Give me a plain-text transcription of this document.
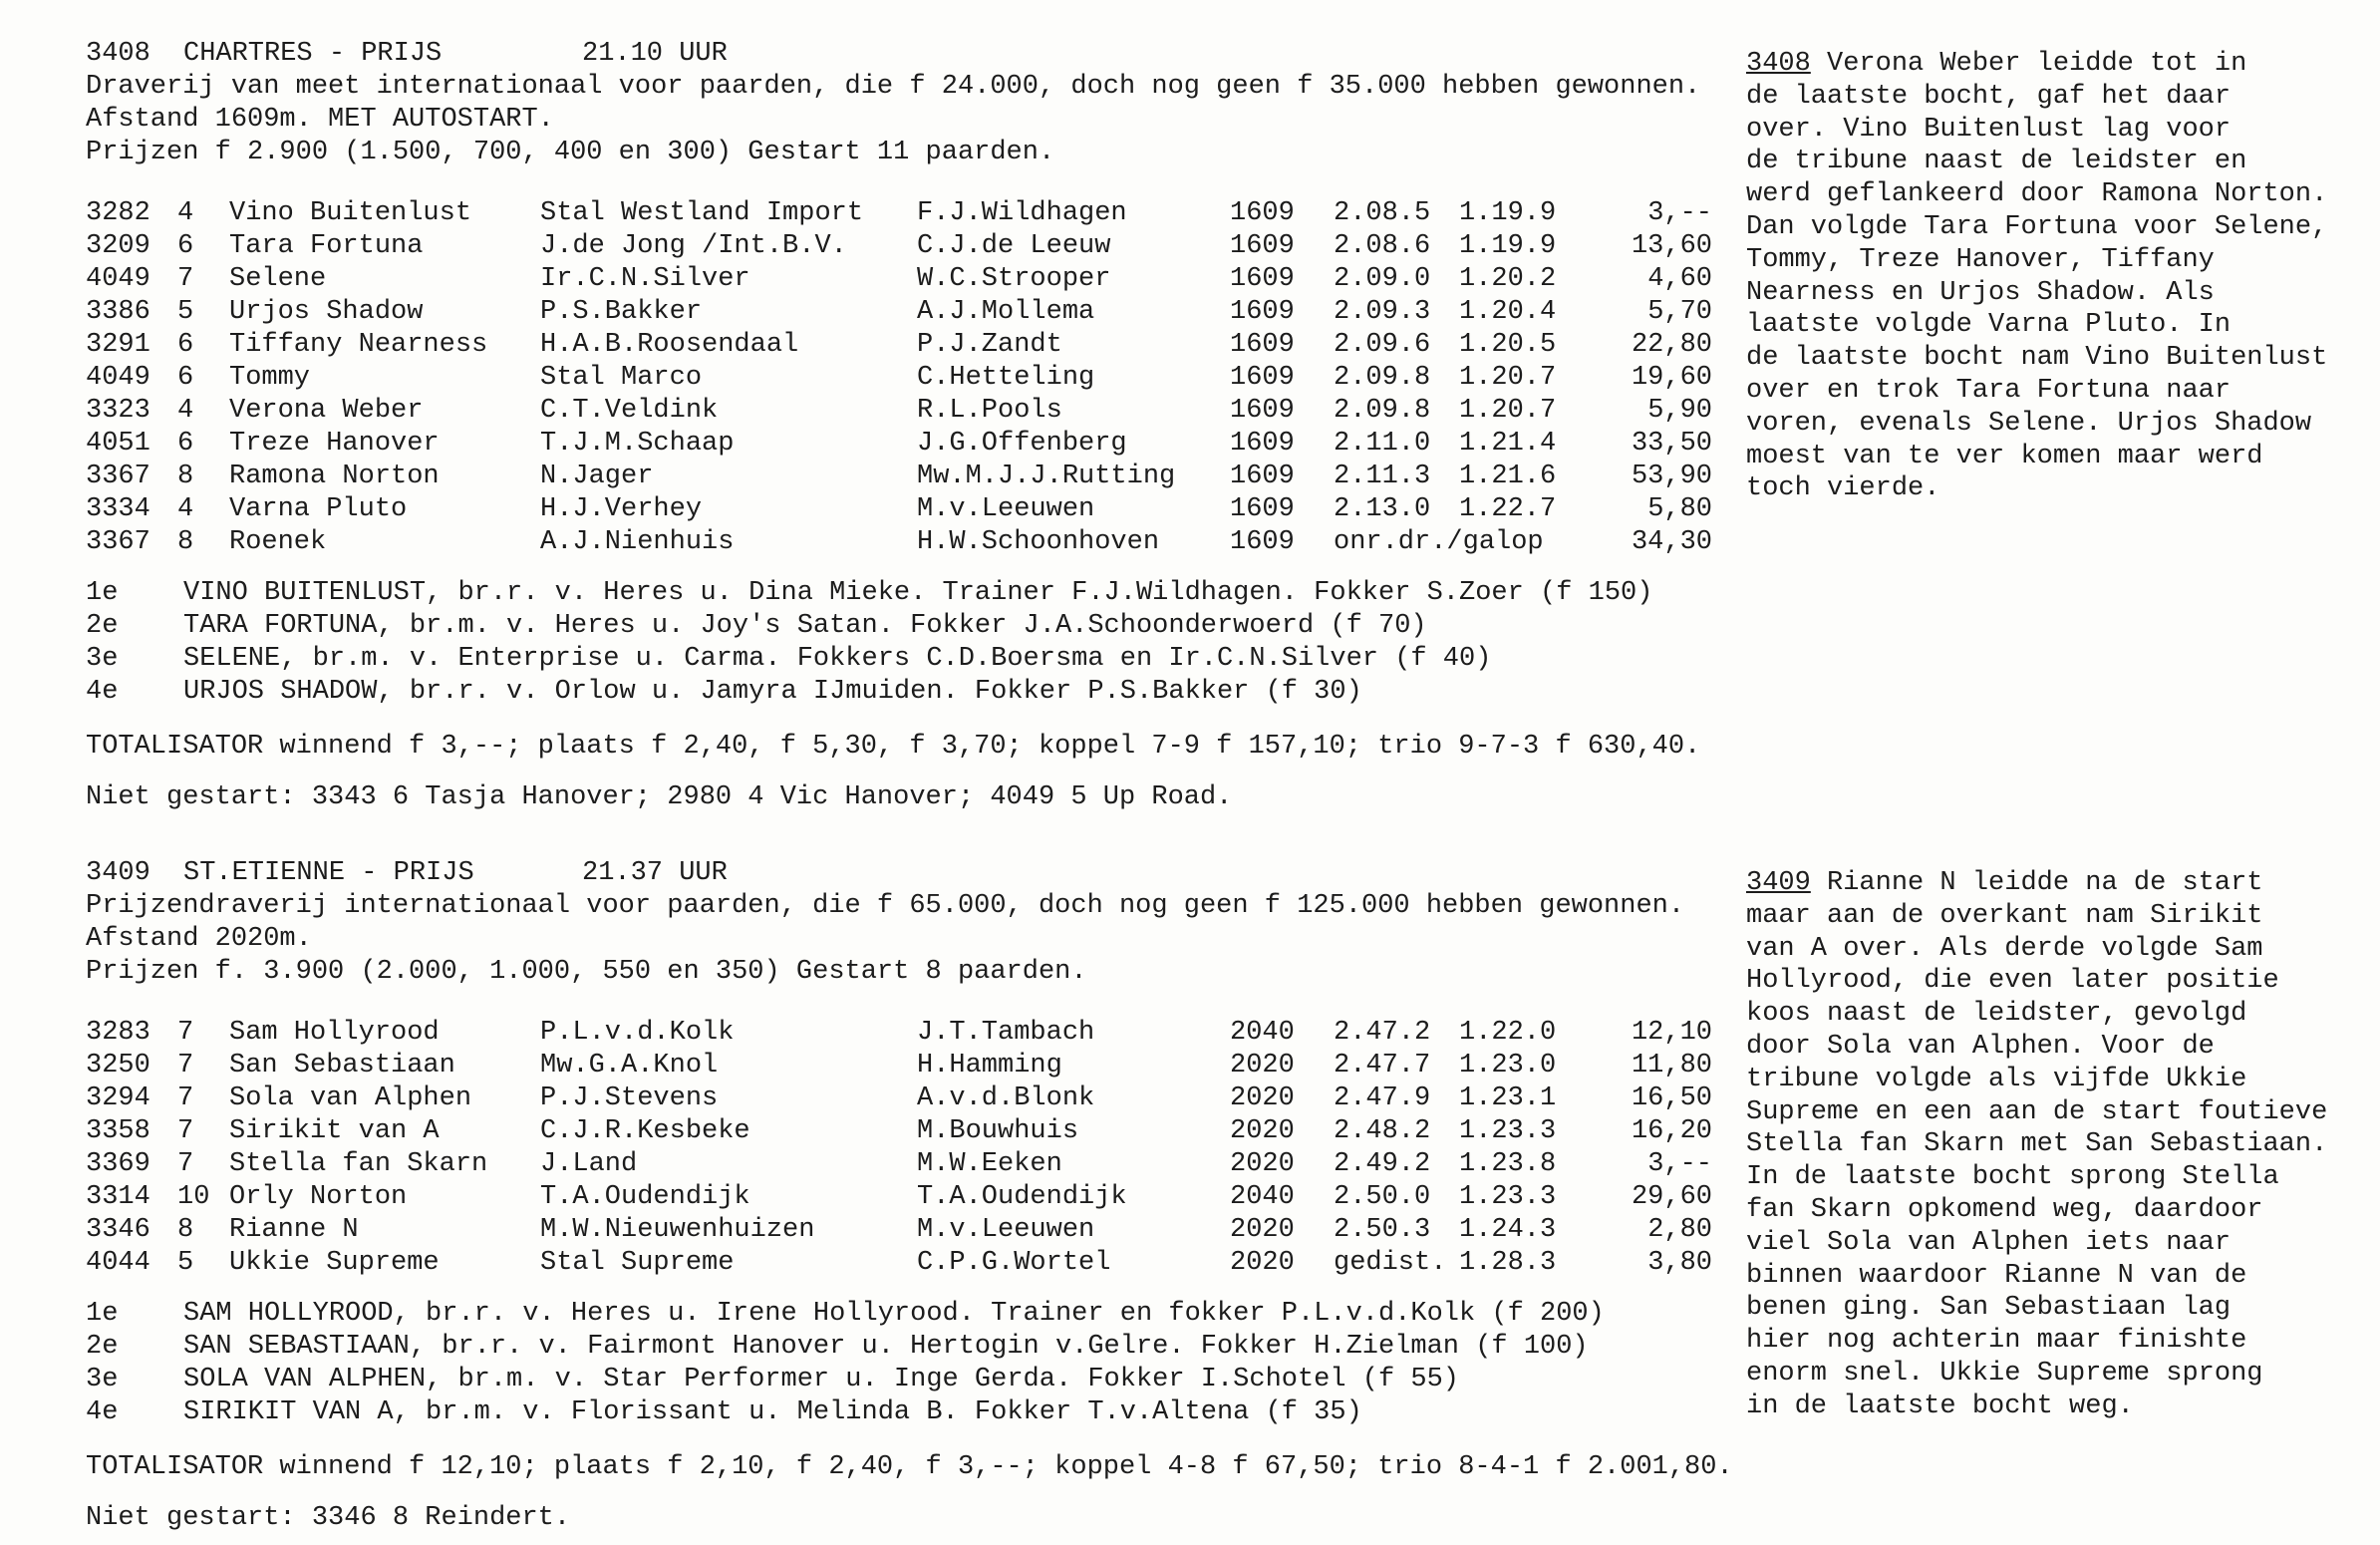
3408 CHARTRES - PRIJS	21.10 UUR
Draverij van meet internationaal voor paarden, die f 24.000, doch nog geen f 35.000 hebben gewonnen.
Afstand 1609m. MET AUTOSTART.
Prijzen f 2.900 (1.500, 700, 400 en 300) Gestart 11 paarden.
3282	4	Vino Buitenlust	Stal Westland Import	F.J.Wildhagen	1609	2.08.5	1.19.9	3,--
3209	6	Tara Fortuna	J.de Jong /Int.B.V.	C.J.de Leeuw	1609	2.08.6	1.19.9	13,60
4049	7	Selene	Ir.C.N.Silver	W.C.Strooper	1609	2.09.0	1.20.2	4,60
3386	5	Urjos Shadow	P.S.Bakker	A.J.Mollema	1609	2.09.3	1.20.4	5,70
3291	6	Tiffany Nearness	H.A.B.Roosendaal	P.J.Zandt	1609	2.09.6	1.20.5	22,80
4049	6	Tommy	Stal Marco	C.Hetteling	1609	2.09.8	1.20.7	19,60
3323	4	Verona Weber	C.T.Veldink	R.L.Pools	1609	2.09.8	1.20.7	5,90
4051	6	Treze Hanover	T.J.M.Schaap	J.G.Offenberg	1609	2.11.0	1.21.4	33,50
3367	8	Ramona Norton	N.Jager	Mw.M.J.J.Rutting	1609	2.11.3	1.21.6	53,90
3334	4	Varna Pluto	H.J.Verhey	M.v.Leeuwen	1609	2.13.0	1.22.7	5,80
3367	8	Roenek	A.J.Nienhuis	H.W.Schoonhoven	1609	onr.dr./galop		34,30
1e	VINO BUITENLUST, br.r. v. Heres u. Dina Mieke. Trainer F.J.Wildhagen. Fokker S.Zoer (f 150)
2e	TARA FORTUNA, br.m. v. Heres u. Joy's Satan. Fokker J.A.Schoonderwoerd (f 70)
3e	SELENE, br.m. v. Enterprise u. Carma. Fokkers C.D.Boersma en Ir.C.N.Silver (f 40)
4e	URJOS SHADOW, br.r. v. Orlow u. Jamyra IJmuiden. Fokker P.S.Bakker (f 30)
TOTALISATOR winnend f 3,--; plaats f 2,40, f 5,30, f 3,70; koppel 7-9 f 157,10; trio 9-7-3 f 630,40.
Niet gestart: 3343 6 Tasja Hanover; 2980 4 Vic Hanover; 4049 5 Up Road.
3408 Verona Weber leidde tot in
de laatste bocht, gaf het daar
over. Vino Buitenlust lag voor
de tribune naast de leidster en
werd geflankeerd door Ramona Norton.
Dan volgde Tara Fortuna voor Selene,
Tommy, Treze Hanover, Tiffany
Nearness en Urjos Shadow. Als
laatste volgde Varna Pluto. In
de laatste bocht nam Vino Buitenlust
over en trok Tara Fortuna naar
voren, evenals Selene. Urjos Shadow
moest van te ver komen maar werd
toch vierde.
3409 ST.ETIENNE - PRIJS	21.37 UUR
Prijzendraverij internationaal voor paarden, die f 65.000, doch nog geen f 125.000 hebben gewonnen.
Afstand 2020m.
Prijzen f. 3.900 (2.000, 1.000, 550 en 350) Gestart 8 paarden.
3283	7	Sam Hollyrood	P.L.v.d.Kolk	J.T.Tambach	2040	2.47.2	1.22.0	12,10
3250	7	San Sebastiaan	Mw.G.A.Knol	H.Hamming	2020	2.47.7	1.23.0	11,80
3294	7	Sola van Alphen	P.J.Stevens	A.v.d.Blonk	2020	2.47.9	1.23.1	16,50
3358	7	Sirikit van A	C.J.R.Kesbeke	M.Bouwhuis	2020	2.48.2	1.23.3	16,20
3369	7	Stella fan Skarn	J.Land	M.W.Eeken	2020	2.49.2	1.23.8	3,--
3314	10	Orly Norton	T.A.Oudendijk	T.A.Oudendijk	2040	2.50.0	1.23.3	29,60
3346	8	Rianne N	M.W.Nieuwenhuizen	M.v.Leeuwen	2020	2.50.3	1.24.3	2,80
4044	5	Ukkie Supreme	Stal Supreme	C.P.G.Wortel	2020	gedist.	1.28.3	3,80
1e	SAM HOLLYROOD, br.r. v. Heres u. Irene Hollyrood. Trainer en fokker P.L.v.d.Kolk (f 200)
2e	SAN SEBASTIAAN, br.r. v. Fairmont Hanover u. Hertogin v.Gelre. Fokker H.Zielman (f 100)
3e	SOLA VAN ALPHEN, br.m. v. Star Performer u. Inge Gerda. Fokker I.Schotel (f 55)
4e	SIRIKIT VAN A, br.m. v. Florissant u. Melinda B. Fokker T.v.Altena (f 35)
TOTALISATOR winnend f 12,10; plaats f 2,10, f 2,40, f 3,--; koppel 4-8 f 67,50; trio 8-4-1 f 2.001,80.
Niet gestart: 3346 8 Reindert.
3409 Rianne N leidde na de start
maar aan de overkant nam Sirikit
van A over. Als derde volgde Sam
Hollyrood, die even later positie
koos naast de leidster, gevolgd
door Sola van Alphen. Voor de
tribune volgde als vijfde Ukkie
Supreme en een aan de start foutieve
Stella fan Skarn met San Sebastiaan.
In de laatste bocht sprong Stella
fan Skarn opkomend weg, daardoor
viel Sola van Alphen iets naar
binnen waardoor Rianne N van de
benen ging. San Sebastiaan lag
hier nog achterin maar finishte
enorm snel. Ukkie Supreme sprong
in de laatste bocht weg.
